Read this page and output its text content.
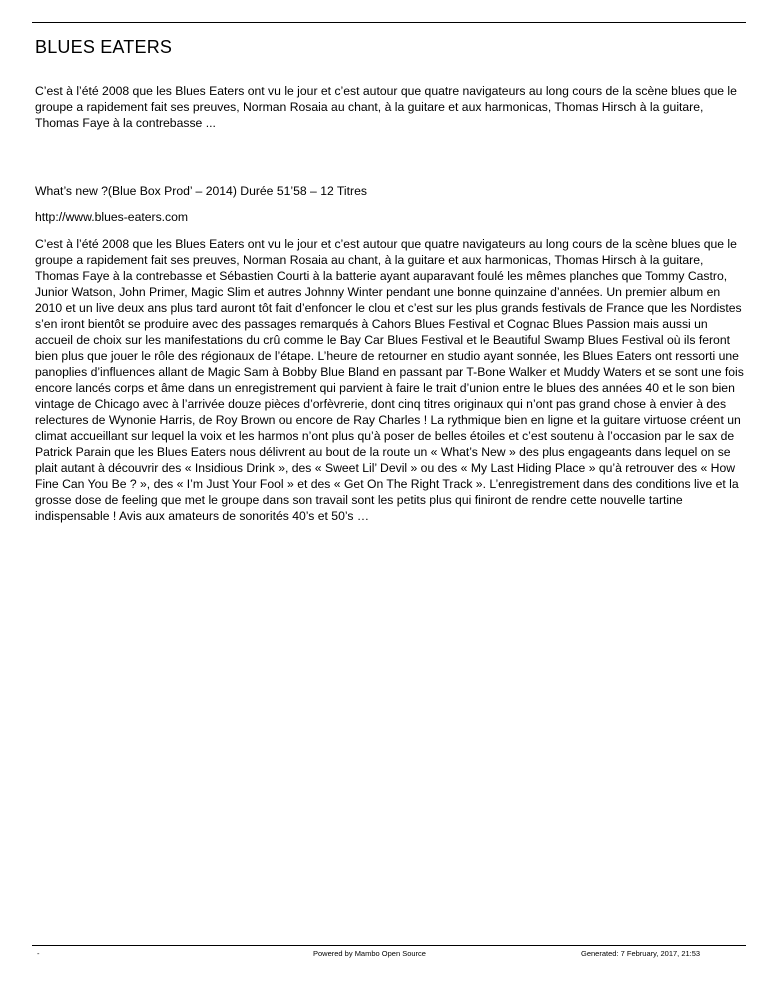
BLUES EATERS

C’est à l’été 2008 que les Blues Eaters ont vu le jour et c’est autour que quatre navigateurs au long cours de la scène blues que le groupe a rapidement fait ses preuves, Norman Rosaia au chant, à la guitare et aux harmonicas, Thomas Hirsch à la guitare, Thomas Faye à la contrebasse ...

What’s new ?(Blue Box Prod’ – 2014) Durée 51’58 – 12 Titres

http://www.blues-eaters.com

C’est à l’été 2008 que les Blues Eaters ont vu le jour et c’est autour que quatre navigateurs au long cours de la scène blues que le groupe a rapidement fait ses preuves, Norman Rosaia au chant, à la guitare et aux harmonicas, Thomas Hirsch à la guitare, Thomas Faye à la contrebasse et Sébastien Courti à la batterie ayant auparavant foulé les mêmes planches que Tommy Castro, Junior Watson, John Primer, Magic Slim et autres Johnny Winter pendant une bonne quinzaine d’années. Un premier album en 2010 et un live deux ans plus tard auront tôt fait d’enfoncer le clou et c’est sur les plus grands festivals de France que les Nordistes s’en iront bientôt se produire avec des passages remarqués à Cahors Blues Festival et Cognac Blues Passion mais aussi un accueil de choix sur les manifestations du crû comme le Bay Car Blues Festival et le Beautiful Swamp Blues Festival où ils feront bien plus que jouer le rôle des régionaux de l’étape. L’heure de retourner en studio ayant sonnée, les Blues Eaters ont ressorti une panoplies d’influences allant de Magic Sam à Bobby Blue Bland en passant par T-Bone Walker et Muddy Waters et se sont une fois encore lancés corps et âme dans un enregistrement qui parvient à faire le trait d’union entre le blues des années 40 et le son bien vintage de Chicago avec à l’arrivée douze pièces d’orfèvrerie, dont cinq titres originaux qui n’ont pas grand chose à envier à des relectures de Wynonie Harris, de Roy Brown ou encore de Ray Charles ! La rythmique bien en ligne et la guitare virtuose créent un climat accueillant sur lequel la voix et les harmos n’ont plus qu’à poser de belles étoiles et c’est soutenu à l’occasion par le sax de Patrick Parain que les Blues Eaters nous délivrent au bout de la route un « What’s New » des plus engageants dans lequel on se plait autant à découvrir des « Insidious Drink », des « Sweet Lil’ Devil » ou des « My Last Hiding Place » qu’à retrouver des « How Fine Can You Be ? », des « I’m Just Your Fool » et des « Get On The Right Track ». L’enregistrement dans des conditions live et la grosse dose de feeling que met le groupe dans son travail sont les petits plus qui finiront de rendre cette nouvelle tartine indispensable ! Avis aux amateurs de sonorités 40’s et 50’s …

-	Powered by Mambo Open Source	Generated: 7 February, 2017, 21:53
